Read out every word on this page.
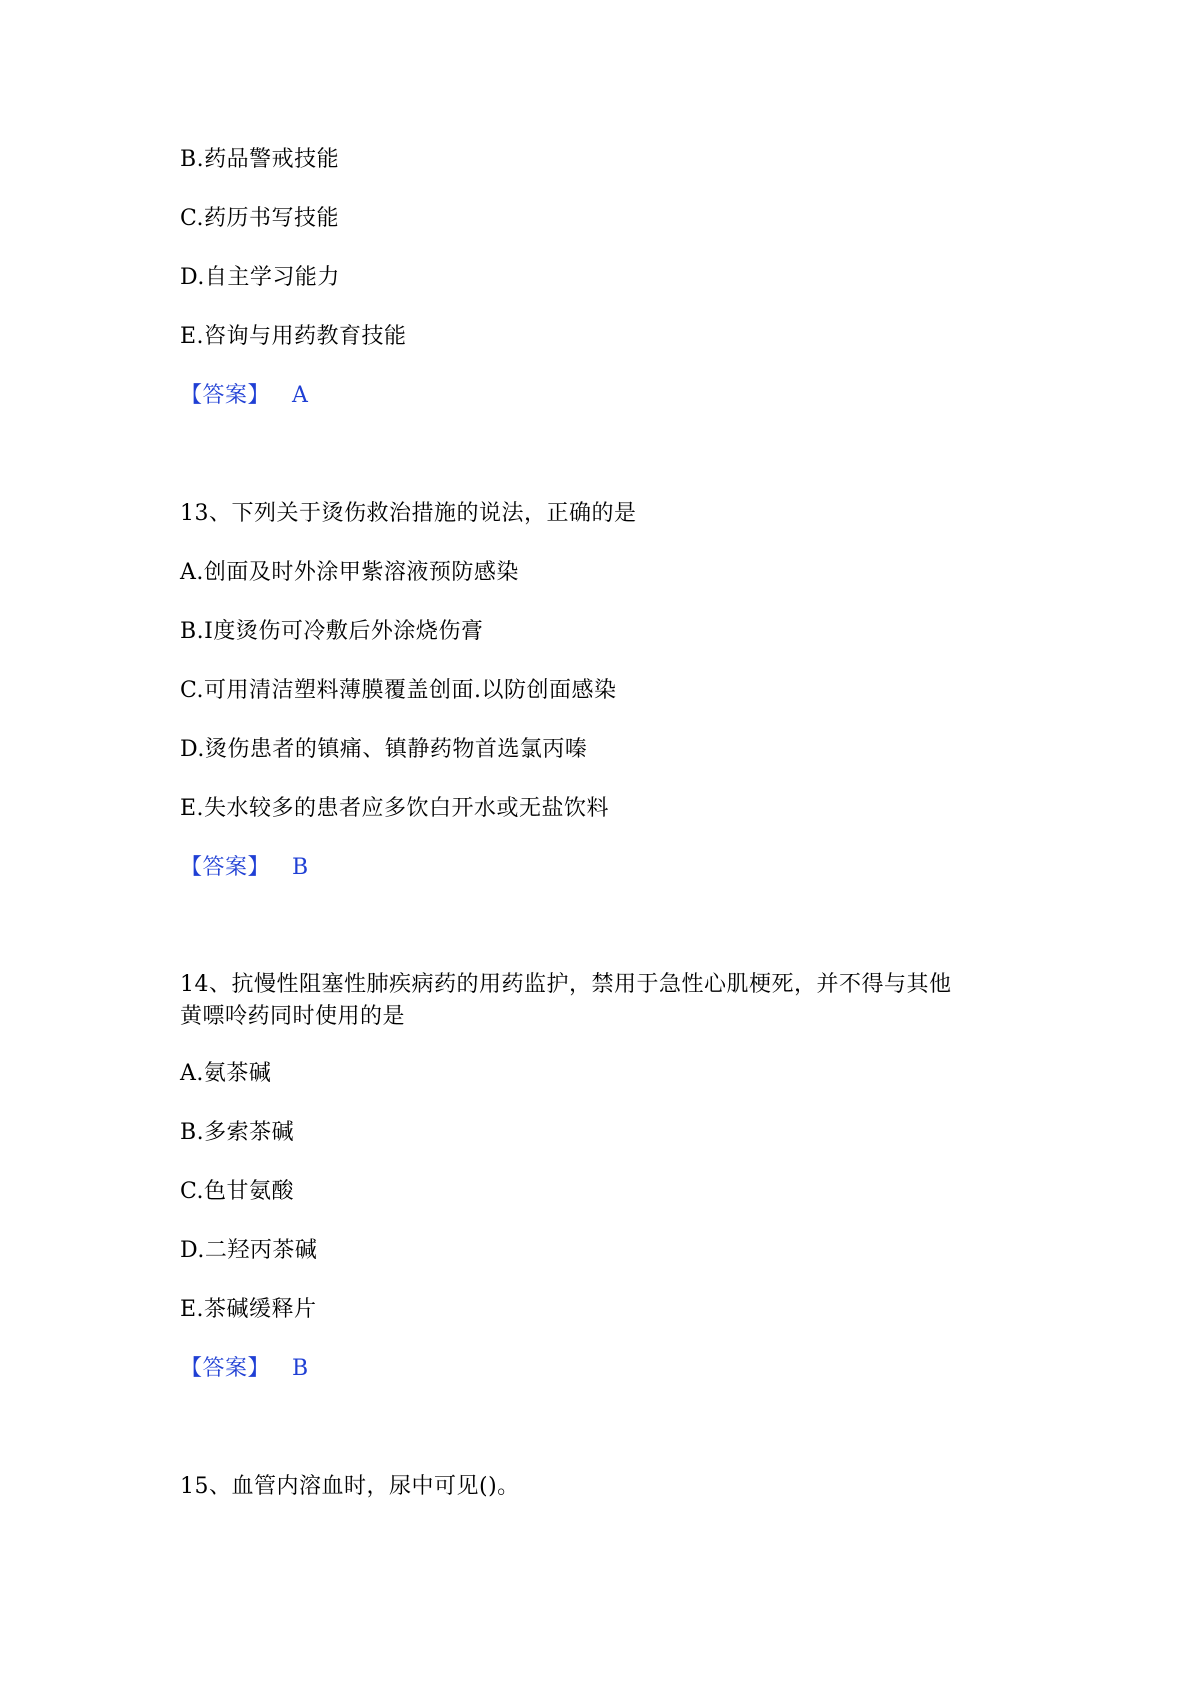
B.药品警戒技能
C.药历书写技能
D.自主学习能力
E.咨询与用药教育技能
【答案】 A
13、下列关于烫伤救治措施的说法，正确的是
A.创面及时外涂甲紫溶液预防感染
B.I度烫伤可冷敷后外涂烧伤膏
C.可用清洁塑料薄膜覆盖创面.以防创面感染
D.烫伤患者的镇痛、镇静药物首选氯丙嗪
E.失水较多的患者应多饮白开水或无盐饮料
【答案】 B
14、抗慢性阻塞性肺疾病药的用药监护，禁用于急性心肌梗死，并不得与其他
黄嘌呤药同时使用的是
A.氨茶碱
B.多索茶碱
C.色甘氨酸
D.二羟丙茶碱
E.茶碱缓释片
【答案】 B
15、血管内溶血时，尿中可见()。
